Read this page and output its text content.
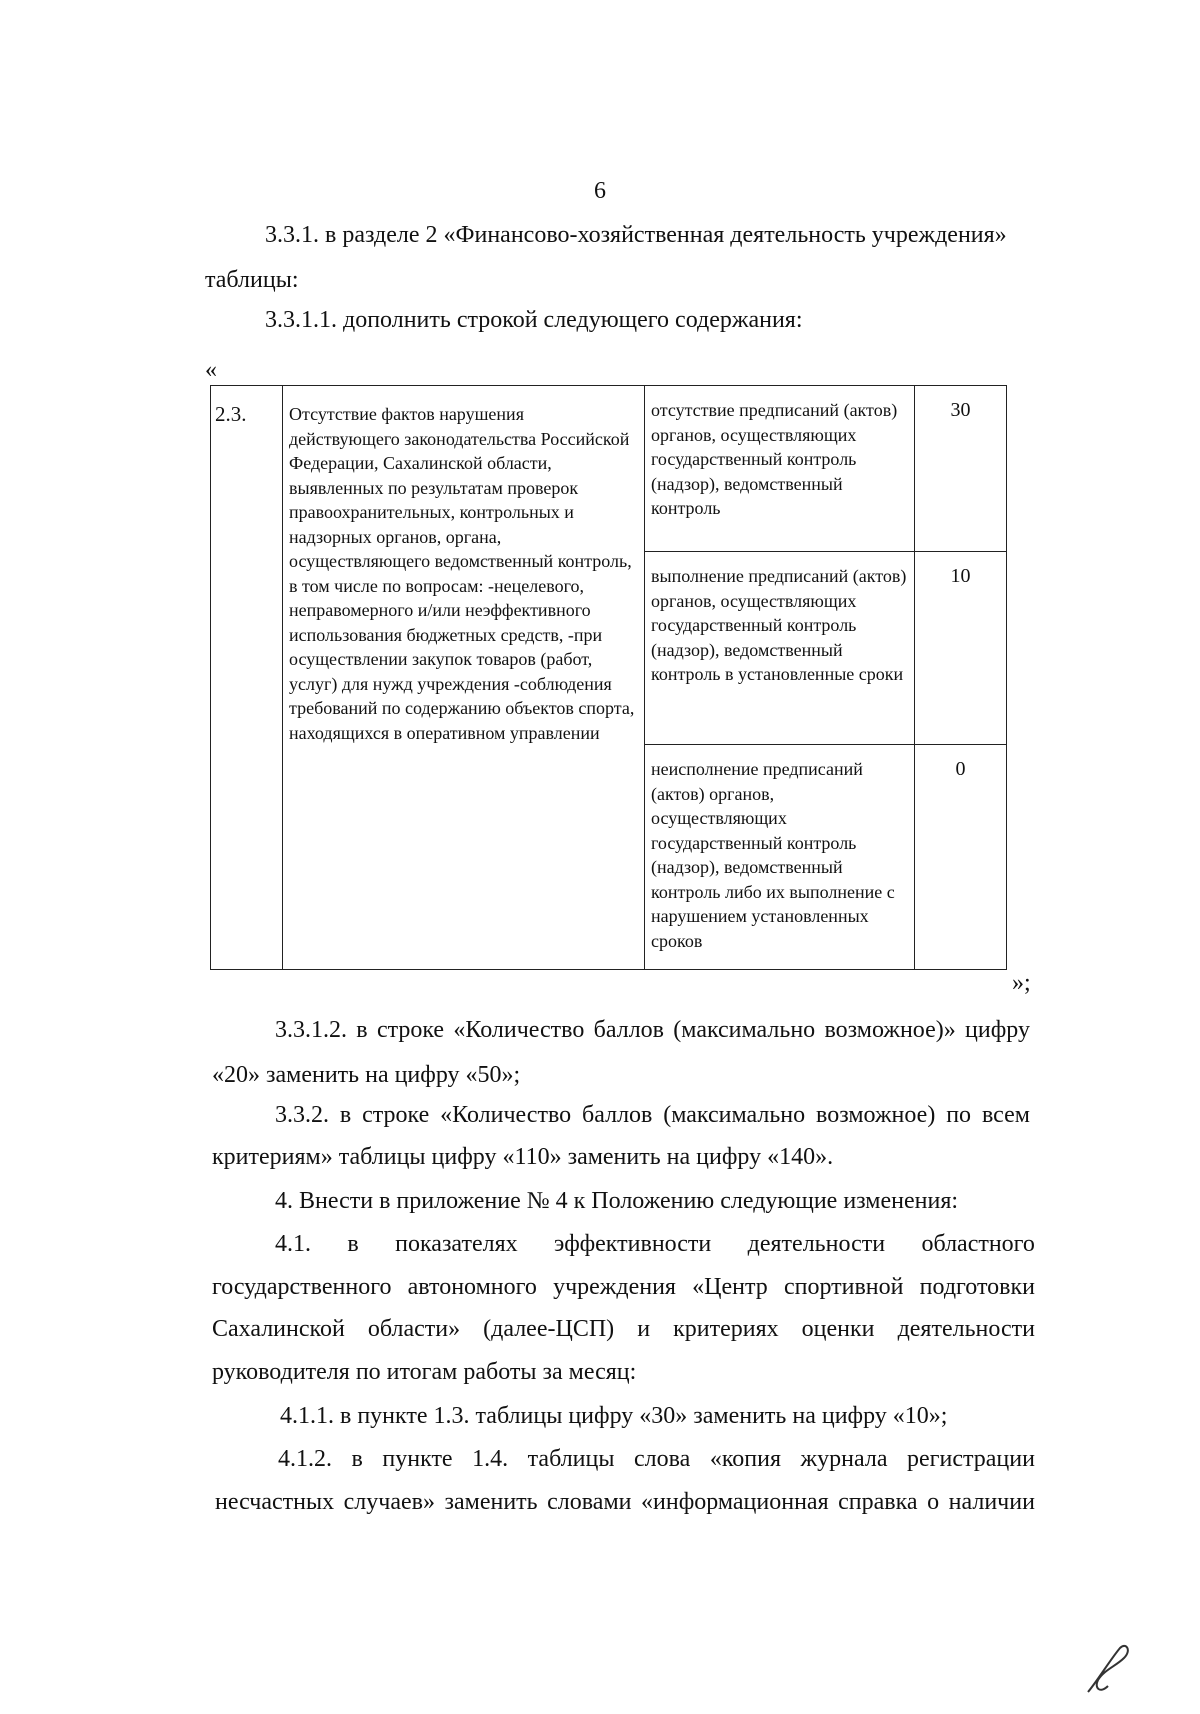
6
3.3.1. в разделе 2 «Финансово-хозяйственная деятельность учреждения»
таблицы:
3.3.1.1. дополнить строкой следующего содержания:
«
2.3.	Отсутствие фактов нарушения действующего законодательства Российской Федерации, Сахалинской области, выявленных по результатам проверок правоохранительных, контрольных и надзорных органов, органа, осуществляющего ведомственный контроль, в том числе по вопросам: -нецелевого, неправомерного и/или неэффективного использования бюджетных средств, -при осуществлении закупок товаров (работ, услуг) для нужд учреждения -соблюдения требований по содержанию объектов спорта, находящихся в оперативном управлении	отсутствие предписаний (актов) органов, осуществляющих государственный контроль (надзор), ведомственный контроль	30
		выполнение предписаний (актов) органов, осуществляющих государственный контроль (надзор), ведомственный контроль в установленные сроки	10
		неисполнение предписаний (актов) органов, осуществляющих государственный контроль (надзор), ведомственный контроль либо их выполнение с нарушением установленных сроков	0
»;
3.3.1.2. в строке «Количество баллов (максимально возможное)» цифру
«20» заменить на цифру «50»;
3.3.2. в строке «Количество баллов (максимально возможное) по всем
критериям» таблицы цифру «110» заменить на цифру «140».
4. Внести в приложение № 4 к Положению следующие изменения:
4.1. в показателях эффективности деятельности областного
государственного автономного учреждения «Центр спортивной подготовки
Сахалинской области» (далее-ЦСП) и критериях оценки деятельности
руководителя по итогам работы за месяц:
4.1.1. в пункте 1.3. таблицы цифру «30» заменить на цифру «10»;
4.1.2. в пункте 1.4. таблицы слова «копия журнала регистрации
несчастных случаев» заменить словами «информационная справка о наличии
